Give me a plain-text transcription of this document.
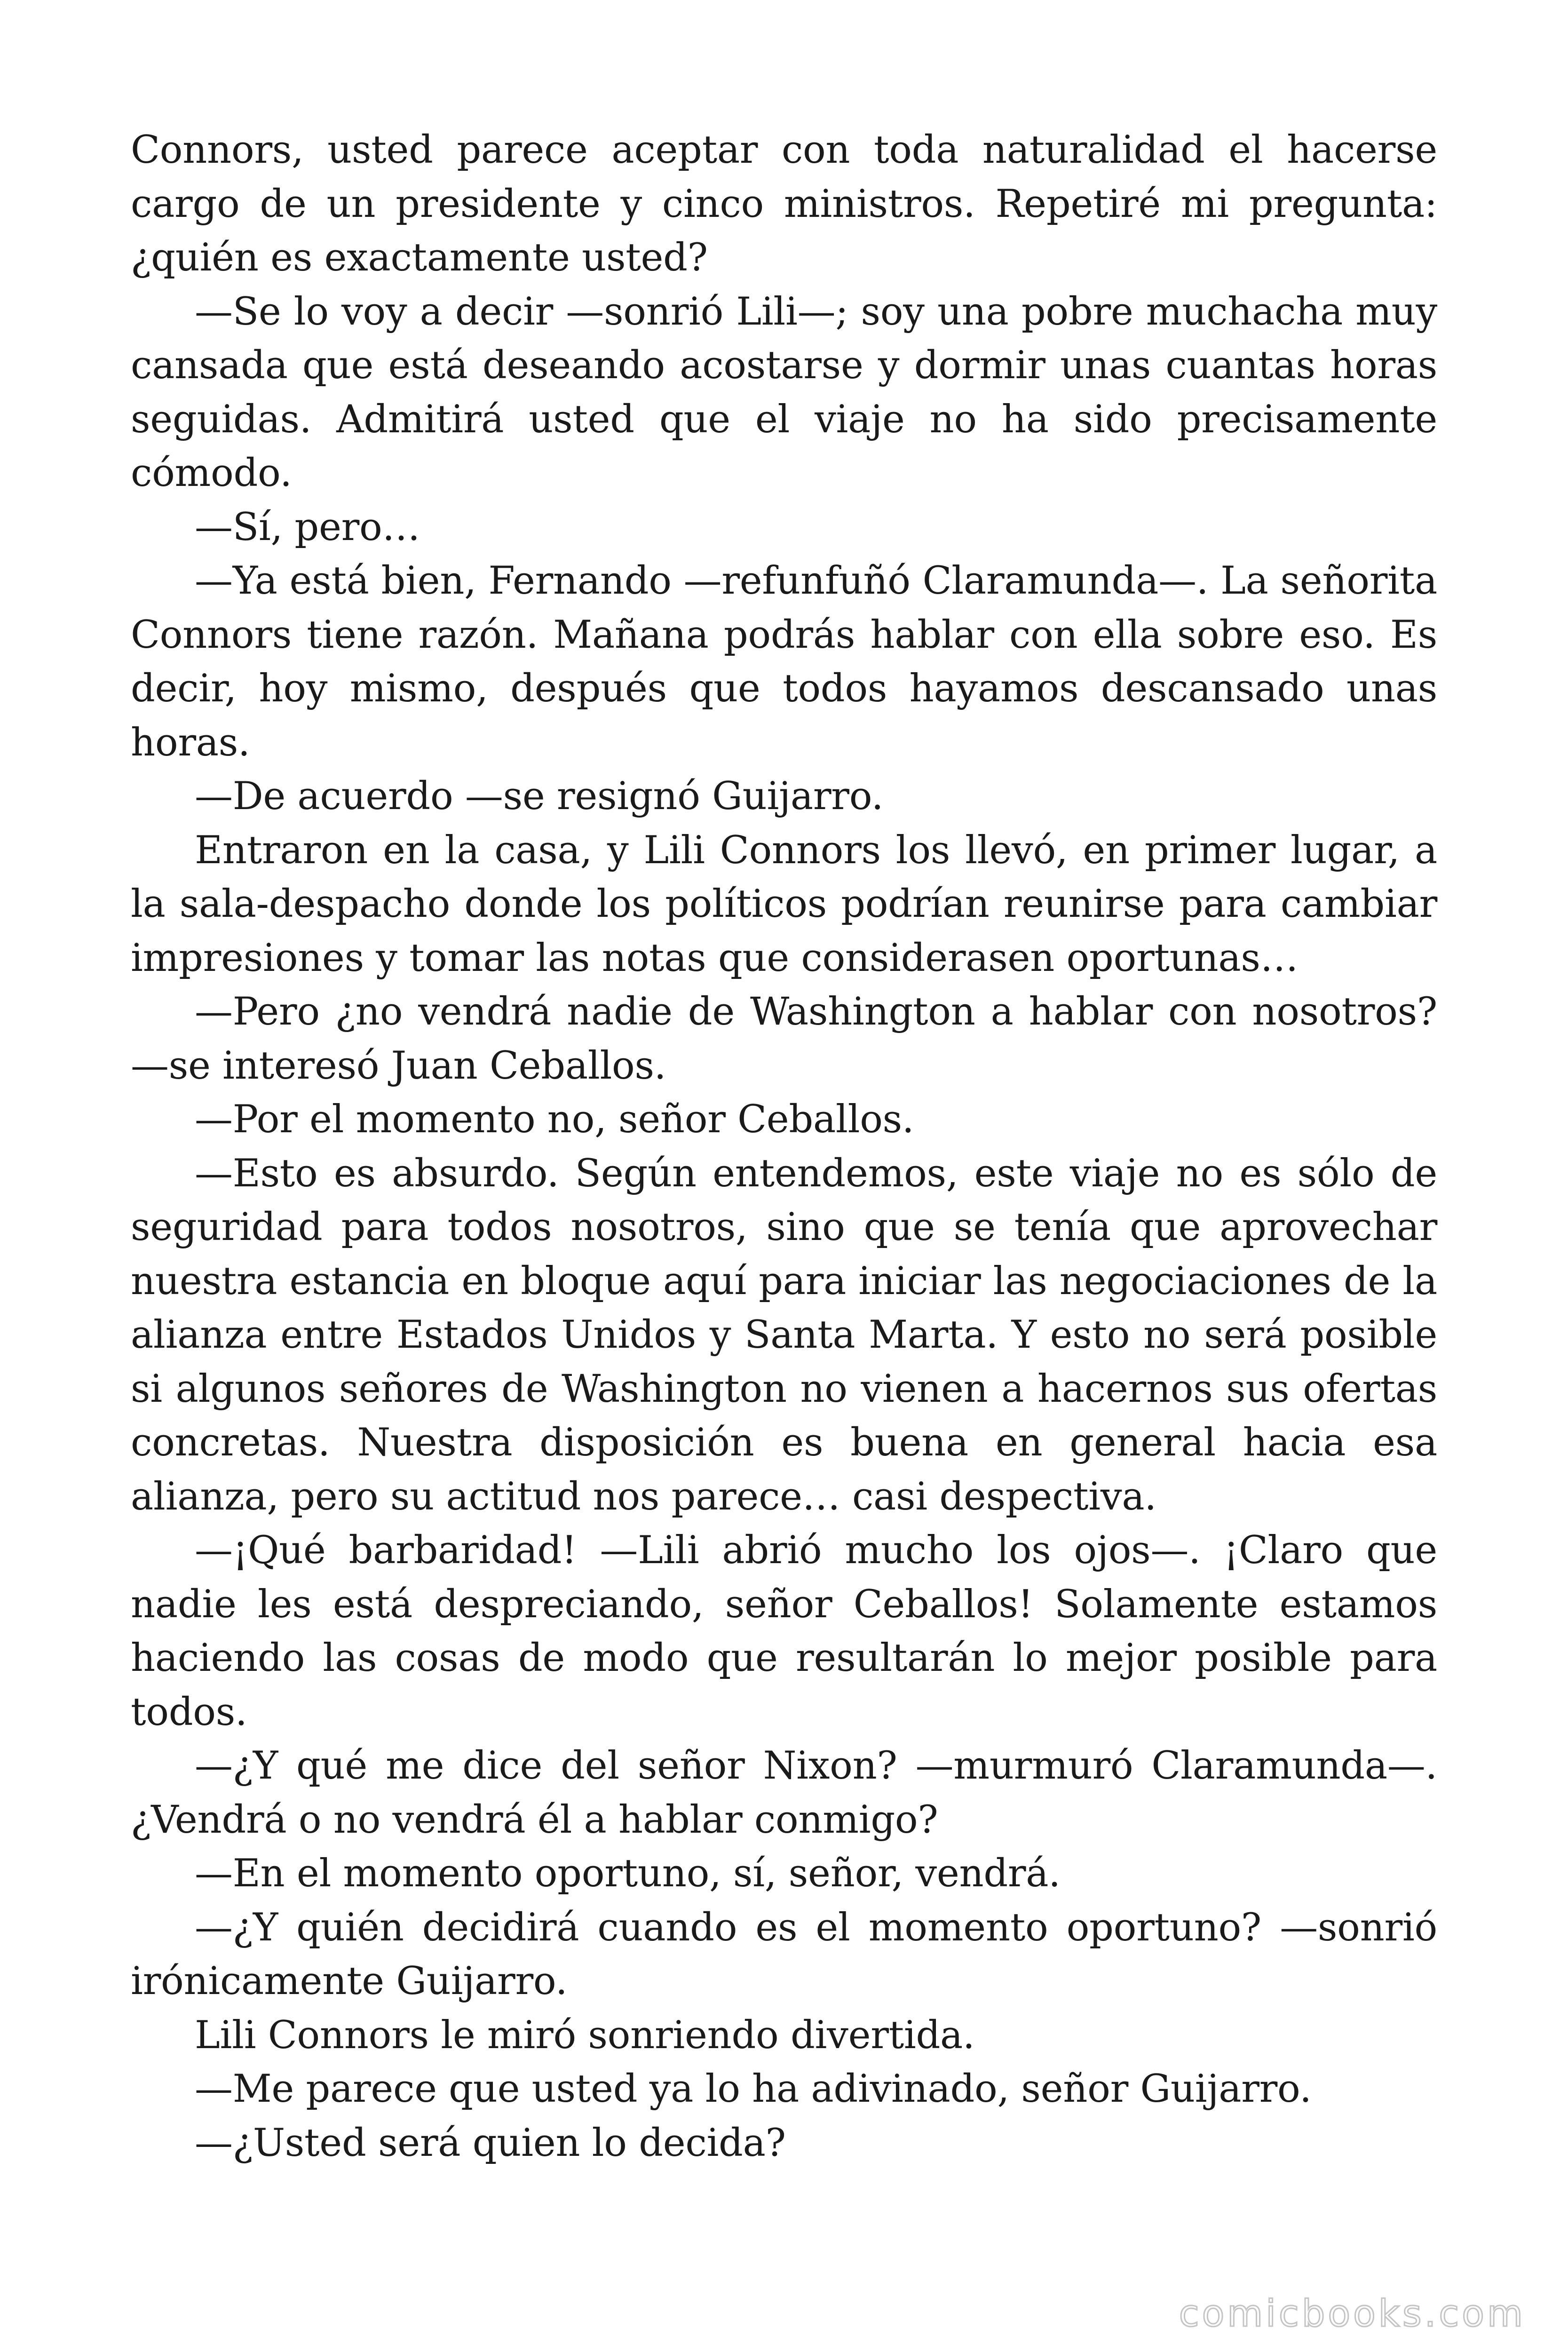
Connors, usted parece aceptar con toda naturalidad el hacerse cargo de un presidente y cinco ministros. Repetiré mi pregunta: ¿quién es exactamente usted?

—Se lo voy a decir —sonrió Lili—; soy una pobre muchacha muy cansada que está deseando acostarse y dormir unas cuantas horas seguidas. Admitirá usted que el viaje no ha sido precisamente cómodo.

—Sí, pero…

—Ya está bien, Fernando —refunfuñó Claramunda—. La señorita Connors tiene razón. Mañana podrás hablar con ella sobre eso. Es decir, hoy mismo, después que todos hayamos descansado unas horas.

—De acuerdo —se resignó Guijarro.

Entraron en la casa, y Lili Connors los llevó, en primer lugar, a la sala-despacho donde los políticos podrían reunirse para cambiar impresiones y tomar las notas que considerasen oportunas…

—Pero ¿no vendrá nadie de Washington a hablar con nosotros? —se interesó Juan Ceballos.

—Por el momento no, señor Ceballos.

—Esto es absurdo. Según entendemos, este viaje no es sólo de seguridad para todos nosotros, sino que se tenía que aprovechar nuestra estancia en bloque aquí para iniciar las negociaciones de la alianza entre Estados Unidos y Santa Marta. Y esto no será posible si algunos señores de Washington no vienen a hacernos sus ofertas concretas. Nuestra disposición es buena en general hacia esa alianza, pero su actitud nos parece… casi despectiva.

—¡Qué barbaridad! —Lili abrió mucho los ojos—. ¡Claro que nadie les está despreciando, señor Ceballos! Solamente estamos haciendo las cosas de modo que resultarán lo mejor posible para todos.

—¿Y qué me dice del señor Nixon? —murmuró Claramunda—. ¿Vendrá o no vendrá él a hablar conmigo?

—En el momento oportuno, sí, señor, vendrá.

—¿Y quién decidirá cuando es el momento oportuno? —sonrió irónicamente Guijarro.

Lili Connors le miró sonriendo divertida.

—Me parece que usted ya lo ha adivinado, señor Guijarro.

—¿Usted será quien lo decida?

comicbooks.com
